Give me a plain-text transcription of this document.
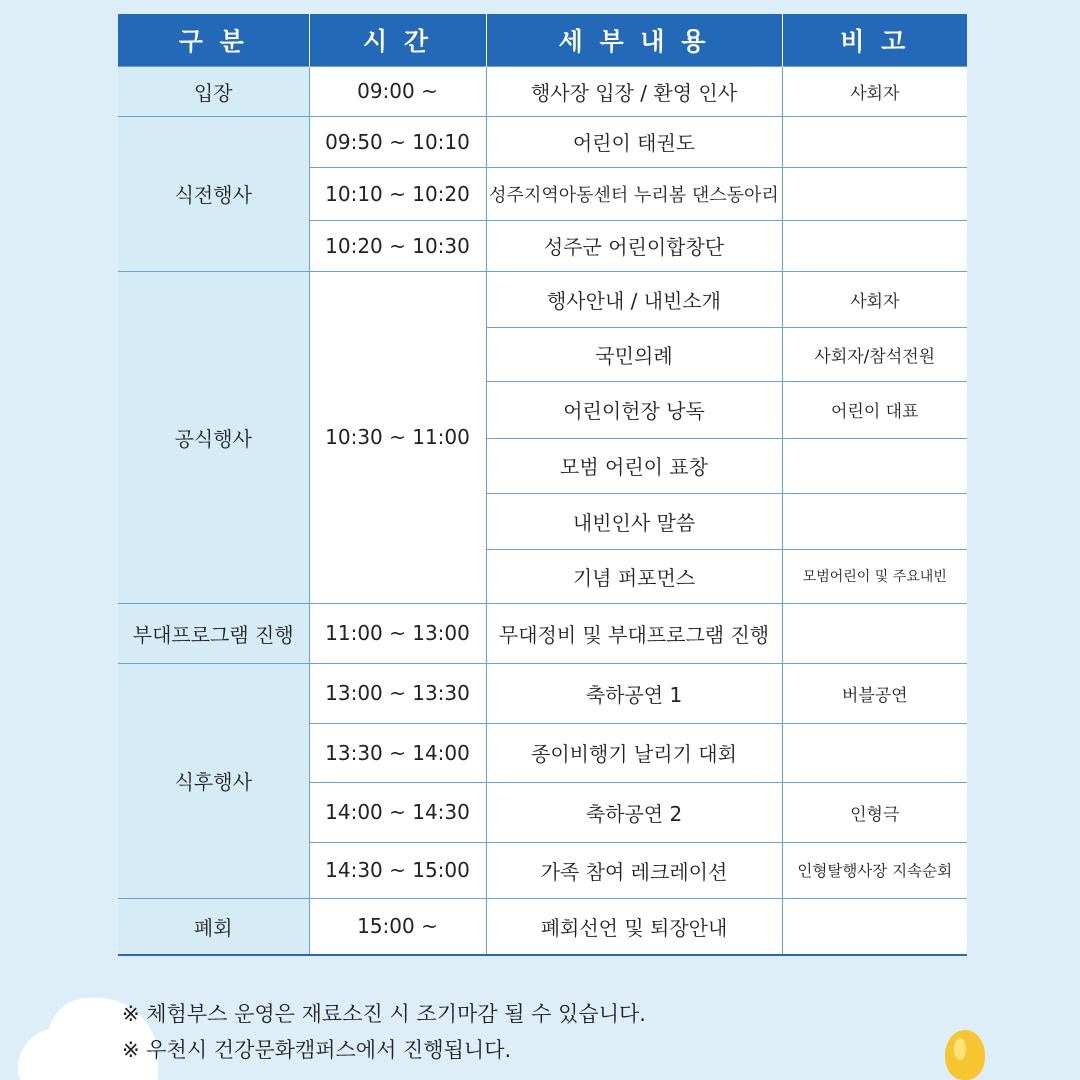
구 분	시 간	세 부 내 용	비 고
입장	09:00 ~	행사장 입장 / 환영 인사	사회자
식전행사	09:50 ~ 10:10	어린이 태권도	
	10:10 ~ 10:20	성주지역아동센터 누리봄 댄스동아리	
	10:20 ~ 10:30	성주군 어린이합창단	
공식행사	10:30 ~ 11:00	행사안내 / 내빈소개	사회자
		국민의례	사회자/참석전원
		어린이헌장 낭독	어린이 대표
		모범 어린이 표창	
		내빈인사 말씀	
		기념 퍼포먼스	모범어린이 및 주요내빈
부대프로그램 진행	11:00 ~ 13:00	무대정비 및 부대프로그램 진행	
식후행사	13:00 ~ 13:30	축하공연 1	버블공연
	13:30 ~ 14:00	종이비행기 날리기 대회	
	14:00 ~ 14:30	축하공연 2	인형극
	14:30 ~ 15:00	가족 참여 레크레이션	인형탈행사장 지속순회
폐회	15:00 ~	폐회선언 및 퇴장안내	
※ 체험부스 운영은 재료소진 시 조기마감 될 수 있습니다.
※ 우천시 건강문화캠퍼스에서 진행됩니다.
